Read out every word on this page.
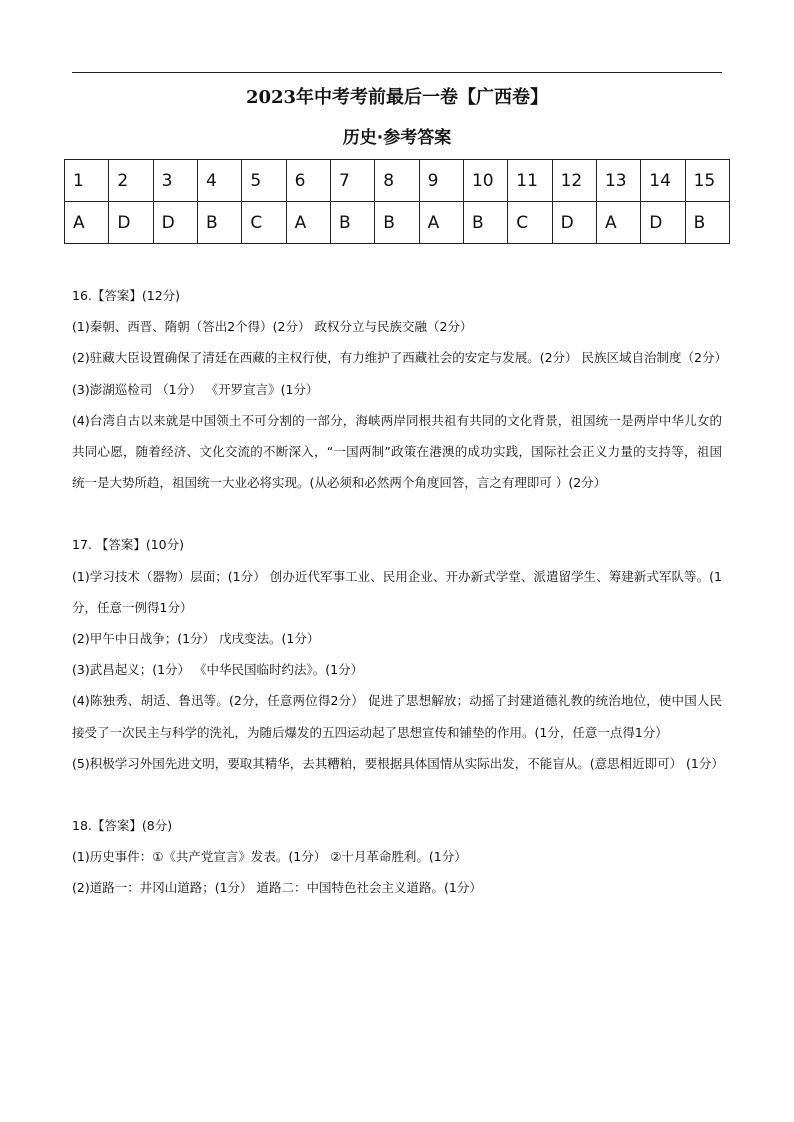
2023年中考考前最后一卷【广西卷】
历史·参考答案
1	2	3	4	5	6	7	8	9	10	11	12	13	14	15
A	D	D	B	C	A	B	B	A	B	C	D	A	D	B

16.【答案】(12分)

(1)秦朝、西晋、隋朝（答出2个得）(2分） 政权分立与民族交融（2分）

(2)驻藏大臣设置确保了清廷在西藏的主权行使，有力维护了西藏社会的安定与发展。(2分） 民族区域自治制度（2分）

(3)澎湖巡检司 （1分） 《开罗宣言》(1分）

(4)台湾自古以来就是中国领土不可分割的一部分，海峡两岸同根共祖有共同的文化背景，祖国统一是两岸中华儿女的共同心愿，随着经济、文化交流的不断深入，“一国两制”政策在港澳的成功实践，国际社会正义力量的支持等，祖国统一是大势所趋，祖国统一大业必将实现。(从必须和必然两个角度回答，言之有理即可 ）(2分）

17. 【答案】(10分)

(1)学习技术（器物）层面；(1分） 创办近代军事工业、民用企业、开办新式学堂、派遣留学生、筹建新式军队等。(1分，任意一例得1分）

(2)甲午中日战争；(1分） 戊戌变法。(1分）

(3)武昌起义；(1分） 《中华民国临时约法》。(1分）

(4)陈独秀、胡适、鲁迅等。(2分，任意两位得2分） 促进了思想解放；动摇了封建道德礼教的统治地位，使中国人民接受了一次民主与科学的洗礼，为随后爆发的五四运动起了思想宣传和铺垫的作用。(1分，任意一点得1分）

(5)积极学习外国先进文明，要取其精华，去其糟粕，要根据具体国情从实际出发，不能盲从。(意思相近即可） (1分）

18.【答案】(8分)

(1)历史事件：①《共产党宣言》发表。(1分） ②十月革命胜利。(1分）

(2)道路一：井冈山道路；(1分） 道路二：中国特色社会主义道路。(1分）
